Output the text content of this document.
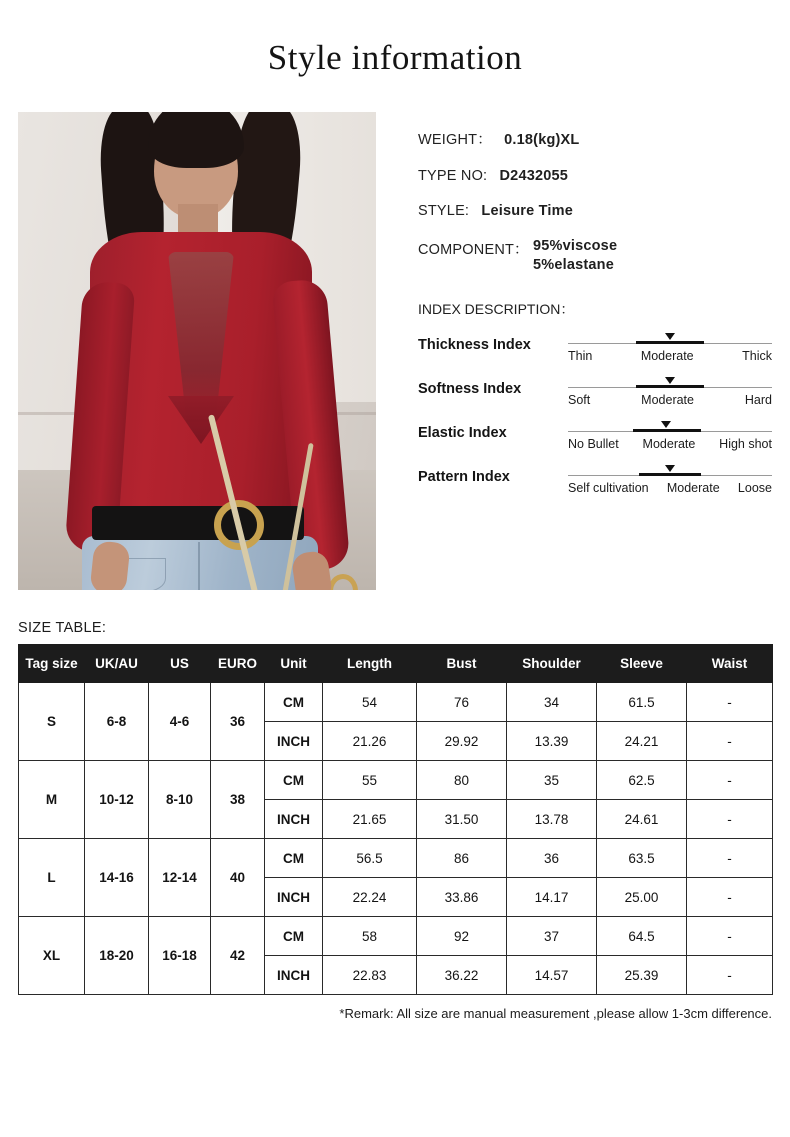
Style information
WEIGHT： 0.18(kg)XL
TYPE NO: D2432055
STYLE: Leisure Time
COMPONENT： 95%viscose
5%elastane
INDEX DESCRIPTION：
Thickness Index
Thin	Moderate	Thick
Softness Index
Soft	Moderate	Hard
Elastic Index
No Bullet Moderate High shot
Pattern Index
Self cultivation Moderate Loose
SIZE TABLE:
Tag size	UK/AU	US	EURO	Unit	Length	Bust	Shoulder	Sleeve	Waist
S	6-8	4-6	36	CM	54	76	34	61.5	-
				INCH	21.26	29.92	13.39	24.21	-
M	10-12	8-10	38	CM	55	80	35	62.5	-
				INCH	21.65	31.50	13.78	24.61	-
L	14-16	12-14	40	CM	56.5	86	36	63.5	-
				INCH	22.24	33.86	14.17	25.00	-
XL	18-20	16-18	42	CM	58	92	37	64.5	-
				INCH	22.83	36.22	14.57	25.39	-
*Remark: All size are manual measurement ,please allow 1-3cm difference.
